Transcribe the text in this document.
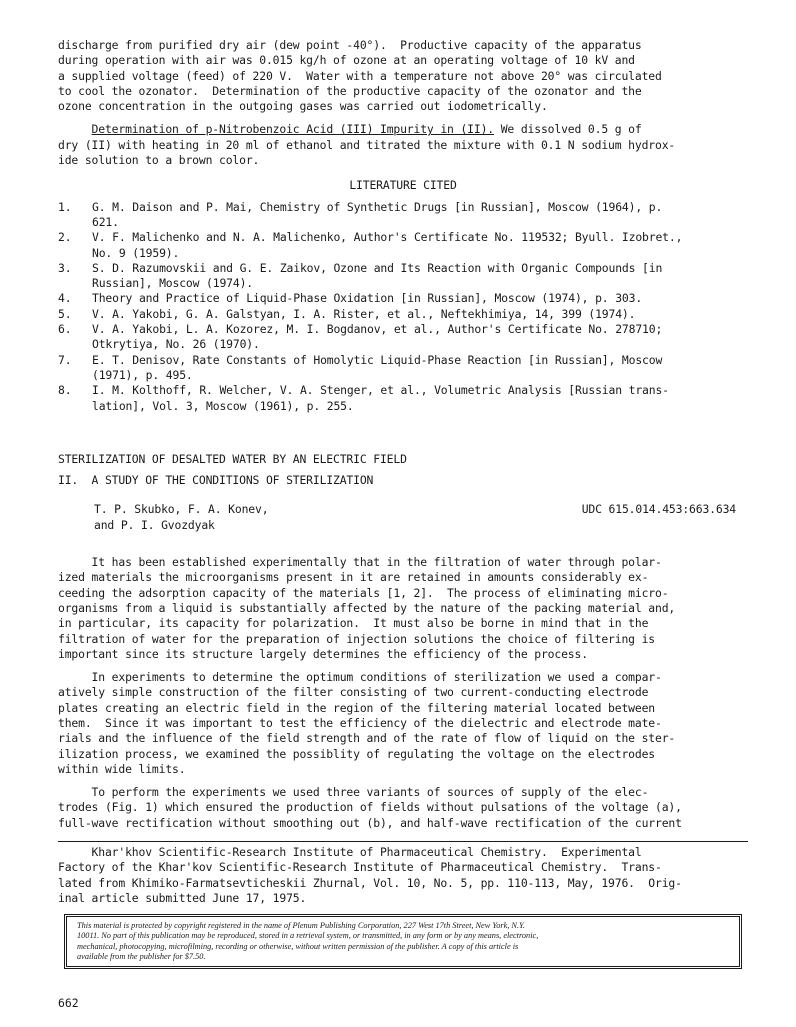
discharge from purified dry air (dew point -40°).  Productive capacity of the apparatus

during operation with air was 0.015 kg/h of ozone at an operating voltage of 10 kV and

a supplied voltage (feed) of 220 V.  Water with a temperature not above 20° was circulated

to cool the ozonator.  Determination of the productive capacity of the ozonator and the

ozone concentration in the outgoing gases was carried out iodometrically.

Determination of p-Nitrobenzoic Acid (III) Impurity in (II). We dissolved 0.5 g of

dry (II) with heating in 20 ml of ethanol and titrated the mixture with 0.1 N sodium hydrox-

ide solution to a brown color.

LITERATURE CITED

1.	G. M. Daison and P. Mai, Chemistry of Synthetic Drugs [in Russian], Moscow (1964), p.
621.
2.	V. F. Malichenko and N. A. Malichenko, Author's Certificate No. 119532; Byull. Izobret.,
No. 9 (1959).
3.	S. D. Razumovskii and G. E. Zaikov, Ozone and Its Reaction with Organic Compounds [in
Russian], Moscow (1974).
4.	Theory and Practice of Liquid-Phase Oxidation [in Russian], Moscow (1974), p. 303.
5.	V. A. Yakobi, G. A. Galstyan, I. A. Rister, et al., Neftekhimiya, 14, 399 (1974).
6.	V. A. Yakobi, L. A. Kozorez, M. I. Bogdanov, et al., Author's Certificate No. 278710;
Otkrytiya, No. 26 (1970).
7.	E. T. Denisov, Rate Constants of Homolytic Liquid-Phase Reaction [in Russian], Moscow
(1971), p. 495.
8.	I. M. Kolthoff, R. Welcher, V. A. Stenger, et al., Volumetric Analysis [Russian trans-
lation], Vol. 3, Moscow (1961), p. 255.

STERILIZATION OF DESALTED WATER BY AN ELECTRIC FIELD

II.  A STUDY OF THE CONDITIONS OF STERILIZATION

T. P. Skubko, F. A. Konev,
and P. I. Gvozdyak
UDC 615.014.453:663.634

It has been established experimentally that in the filtration of water through polar-

ized materials the microorganisms present in it are retained in amounts considerably ex-

ceeding the adsorption capacity of the materials [1, 2].  The process of eliminating micro-

organisms from a liquid is substantially affected by the nature of the packing material and,

in particular, its capacity for polarization.  It must also be borne in mind that in the

filtration of water for the preparation of injection solutions the choice of filtering is

important since its structure largely determines the efficiency of the process.

In experiments to determine the optimum conditions of sterilization we used a compar-

atively simple construction of the filter consisting of two current-conducting electrode

plates creating an electric field in the region of the filtering material located between

them.  Since it was important to test the efficiency of the dielectric and electrode mate-

rials and the influence of the field strength and of the rate of flow of liquid on the ster-

ilization process, we examined the possiblity of regulating the voltage on the electrodes

within wide limits.

To perform the experiments we used three variants of sources of supply of the elec-

trodes (Fig. 1) which ensured the production of fields without pulsations of the voltage (a),

full-wave rectification without smoothing out (b), and half-wave rectification of the current

Khar'khov Scientific-Research Institute of Pharmaceutical Chemistry.  Experimental

Factory of the Khar'kov Scientific-Research Institute of Pharmaceutical Chemistry.  Trans-

lated from Khimiko-Farmatsevticheskii Zhurnal, Vol. 10, No. 5, pp. 110-113, May, 1976.  Orig-

inal article submitted June 17, 1975.

This material is protected by copyright registered in the name of Plenum Publishing Corporation, 227 West 17th Street, New York, N.Y.
10011. No part of this publication may be reproduced, stored in a retrieval system, or transmitted, in any form or by any means, electronic,
mechanical, photocopying, microfilming, recording or otherwise, without written permission of the publisher. A copy of this article is
available from the publisher for $7.50.
662
